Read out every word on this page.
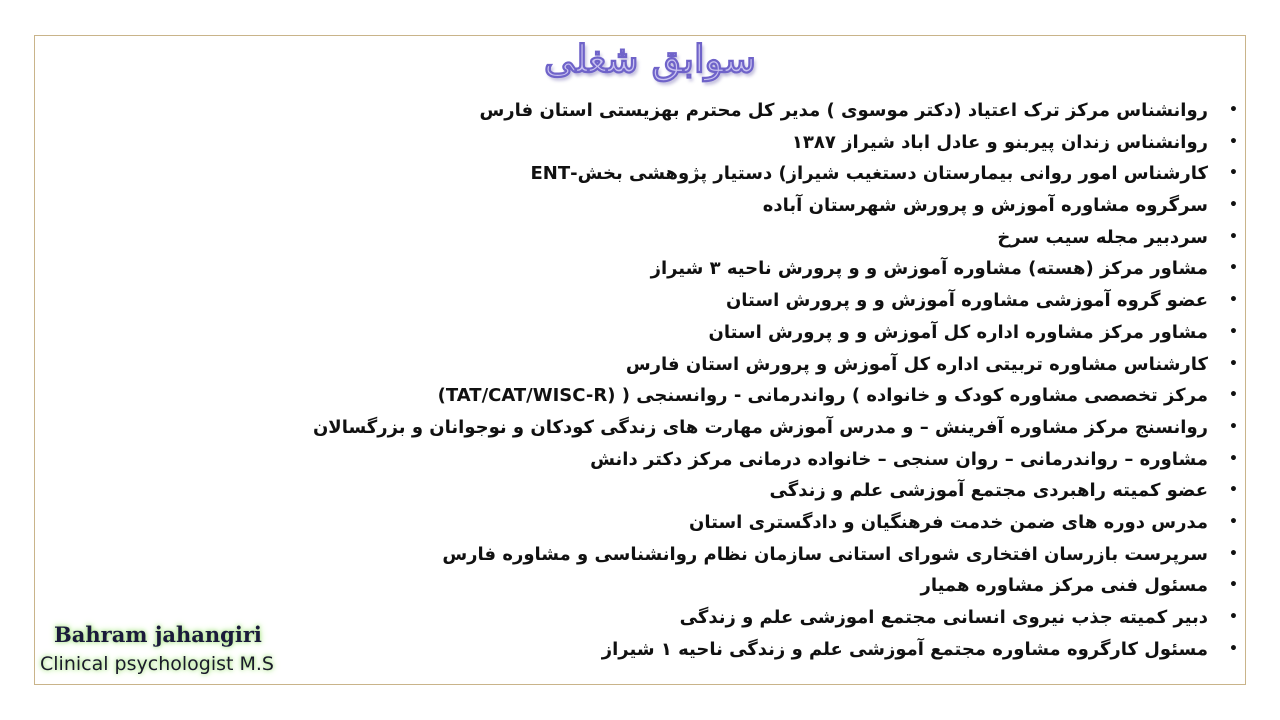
سوابق شغلی
•
روانشناس مرکز ترک اعتیاد (دکتر موسوی ) مدیر کل محترم بهزیستی استان فارس
•
روانشناس زندان پیربنو و عادل اباد شیراز ۱۳۸۷
•
کارشناس امور روانی بیمارستان دستغیب شیراز) دستیار پژوهشی بخش-ENT
•
سرگروه مشاوره آموزش و پرورش شهرستان آباده
•
سردبیر مجله سیب سرخ
•
مشاور مرکز (هسته) مشاوره آموزش و و پرورش ناحیه ۳ شیراز
•
عضو گروه آموزشی مشاوره آموزش و و پرورش استان
•
مشاور مرکز مشاوره اداره کل آموزش و و پرورش استان
•
کارشناس مشاوره تربیتی اداره کل آموزش و پرورش استان فارس
•
مرکز تخصصی مشاوره کودک و خانواده ) رواندرمانی - روانسنجی ( (TAT/CAT/WISC-R)
•
روانسنج مرکز مشاوره آفرینش – و مدرس آموزش مهارت های زندگی کودکان و نوجوانان و بزرگسالان
•
مشاوره – رواندرمانی – روان سنجی – خانواده درمانی مرکز دکتر دانش
•
عضو کمیته راهبردی مجتمع آموزشی علم و زندگی
•
مدرس دوره های ضمن خدمت فرهنگیان و دادگستری استان
•
سرپرست بازرسان افتخاری شورای استانی سازمان نظام روانشناسی و مشاوره فارس
•
مسئول فنی مرکز مشاوره همیار
•
دبیر کمیته جذب نیروی انسانی مجتمع اموزشی علم و زندگی
•
مسئول کارگروه مشاوره مجتمع آموزشی علم و زندگی ناحیه ۱ شیراز
Bahram jahangiri
Clinical psychologist M.S
